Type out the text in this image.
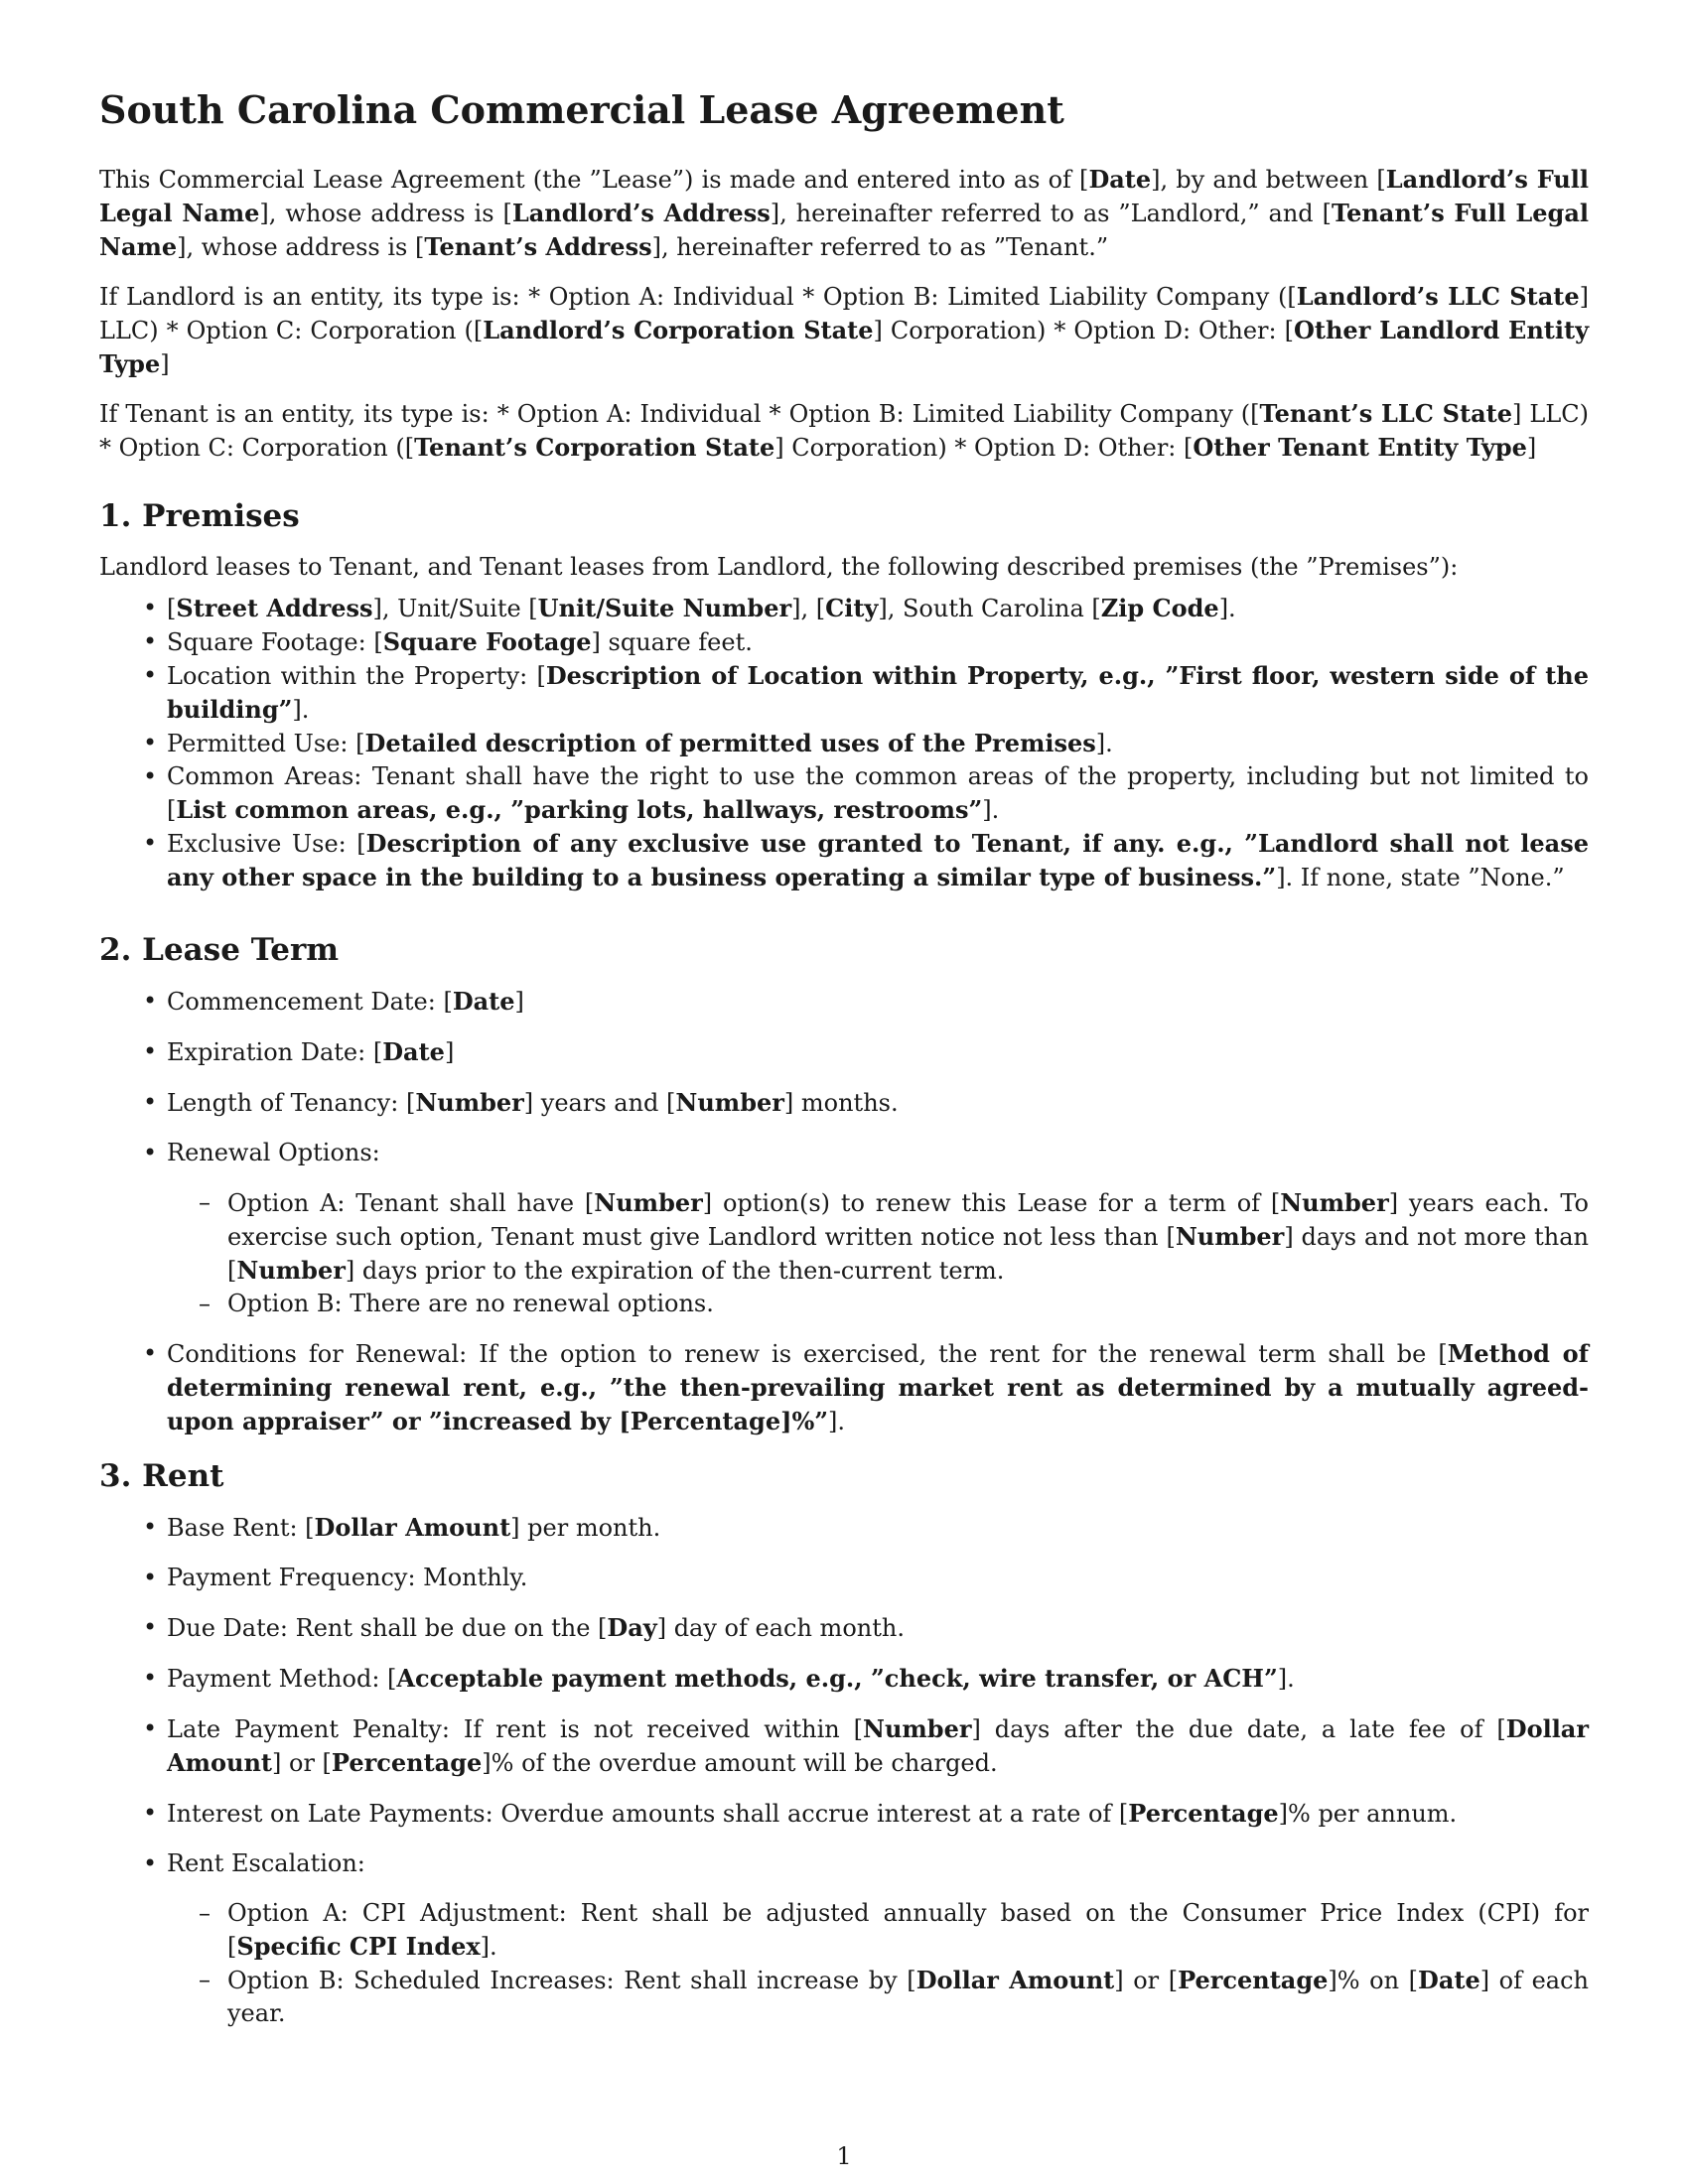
South Carolina Commercial Lease Agreement

This Commercial Lease Agreement (the ”Lease”) is made and entered into as of [Date], by and between [Landlord’s Full Legal Name], whose address is [Landlord’s Address], hereinafter referred to as ”Landlord,” and [Tenant’s Full Legal Name], whose address is [Tenant’s Address], hereinafter referred to as ”Tenant.”

If Landlord is an entity, its type is: * Option A: Individual * Option B: Limited Liability Company ([Landlord’s LLC State] LLC) * Option C: Corporation ([Landlord’s Corporation State] Corporation) * Option D: Other: [Other Landlord Entity Type]

If Tenant is an entity, its type is: * Option A: Individual * Option B: Limited Liability Company ([Tenant’s LLC State] LLC) * Option C: Corporation ([Tenant’s Corporation State] Corporation) * Option D: Other: [Other Tenant Entity Type]

1. Premises

Landlord leases to Tenant, and Tenant leases from Landlord, the following described premises (the ”Premises”):

• [Street Address], Unit/Suite [Unit/Suite Number], [City], South Carolina [Zip Code].
• Square Footage: [Square Footage] square feet.
• Location within the Property: [Description of Location within Property, e.g., ”First floor, western side of the building”].
• Permitted Use: [Detailed description of permitted uses of the Premises].
• Common Areas: Tenant shall have the right to use the common areas of the property, including but not limited to [List common areas, e.g., ”parking lots, hallways, restrooms”].
• Exclusive Use: [Description of any exclusive use granted to Tenant, if any. e.g., ”Landlord shall not lease any other space in the building to a business operating a similar type of business.”]. If none, state ”None.”
2. Lease Term
• Commencement Date: [Date]
• Expiration Date: [Date]
• Length of Tenancy: [Number] years and [Number] months.
• Renewal Options:
– Option A: Tenant shall have [Number] option(s) to renew this Lease for a term of [Number] years each. To exercise such option, Tenant must give Landlord written notice not less than [Number] days and not more than [Number] days prior to the expiration of the then-current term.
– Option B: There are no renewal options.
• Conditions for Renewal: If the option to renew is exercised, the rent for the renewal term shall be [Method of determining renewal rent, e.g., ”the then-prevailing market rent as determined by a mutually agreed-upon appraiser” or ”increased by [Percentage]%”].
3. Rent
• Base Rent: [Dollar Amount] per month.
• Payment Frequency: Monthly.
• Due Date: Rent shall be due on the [Day] day of each month.
• Payment Method: [Acceptable payment methods, e.g., ”check, wire transfer, or ACH”].
• Late Payment Penalty: If rent is not received within [Number] days after the due date, a late fee of [Dollar Amount] or [Percentage]% of the overdue amount will be charged.
• Interest on Late Payments: Overdue amounts shall accrue interest at a rate of [Percentage]% per annum.
• Rent Escalation:
– Option A: CPI Adjustment: Rent shall be adjusted annually based on the Consumer Price Index (CPI) for [Specific CPI Index].
– Option B: Scheduled Increases: Rent shall increase by [Dollar Amount] or [Percentage]% on [Date] of each year.
1
